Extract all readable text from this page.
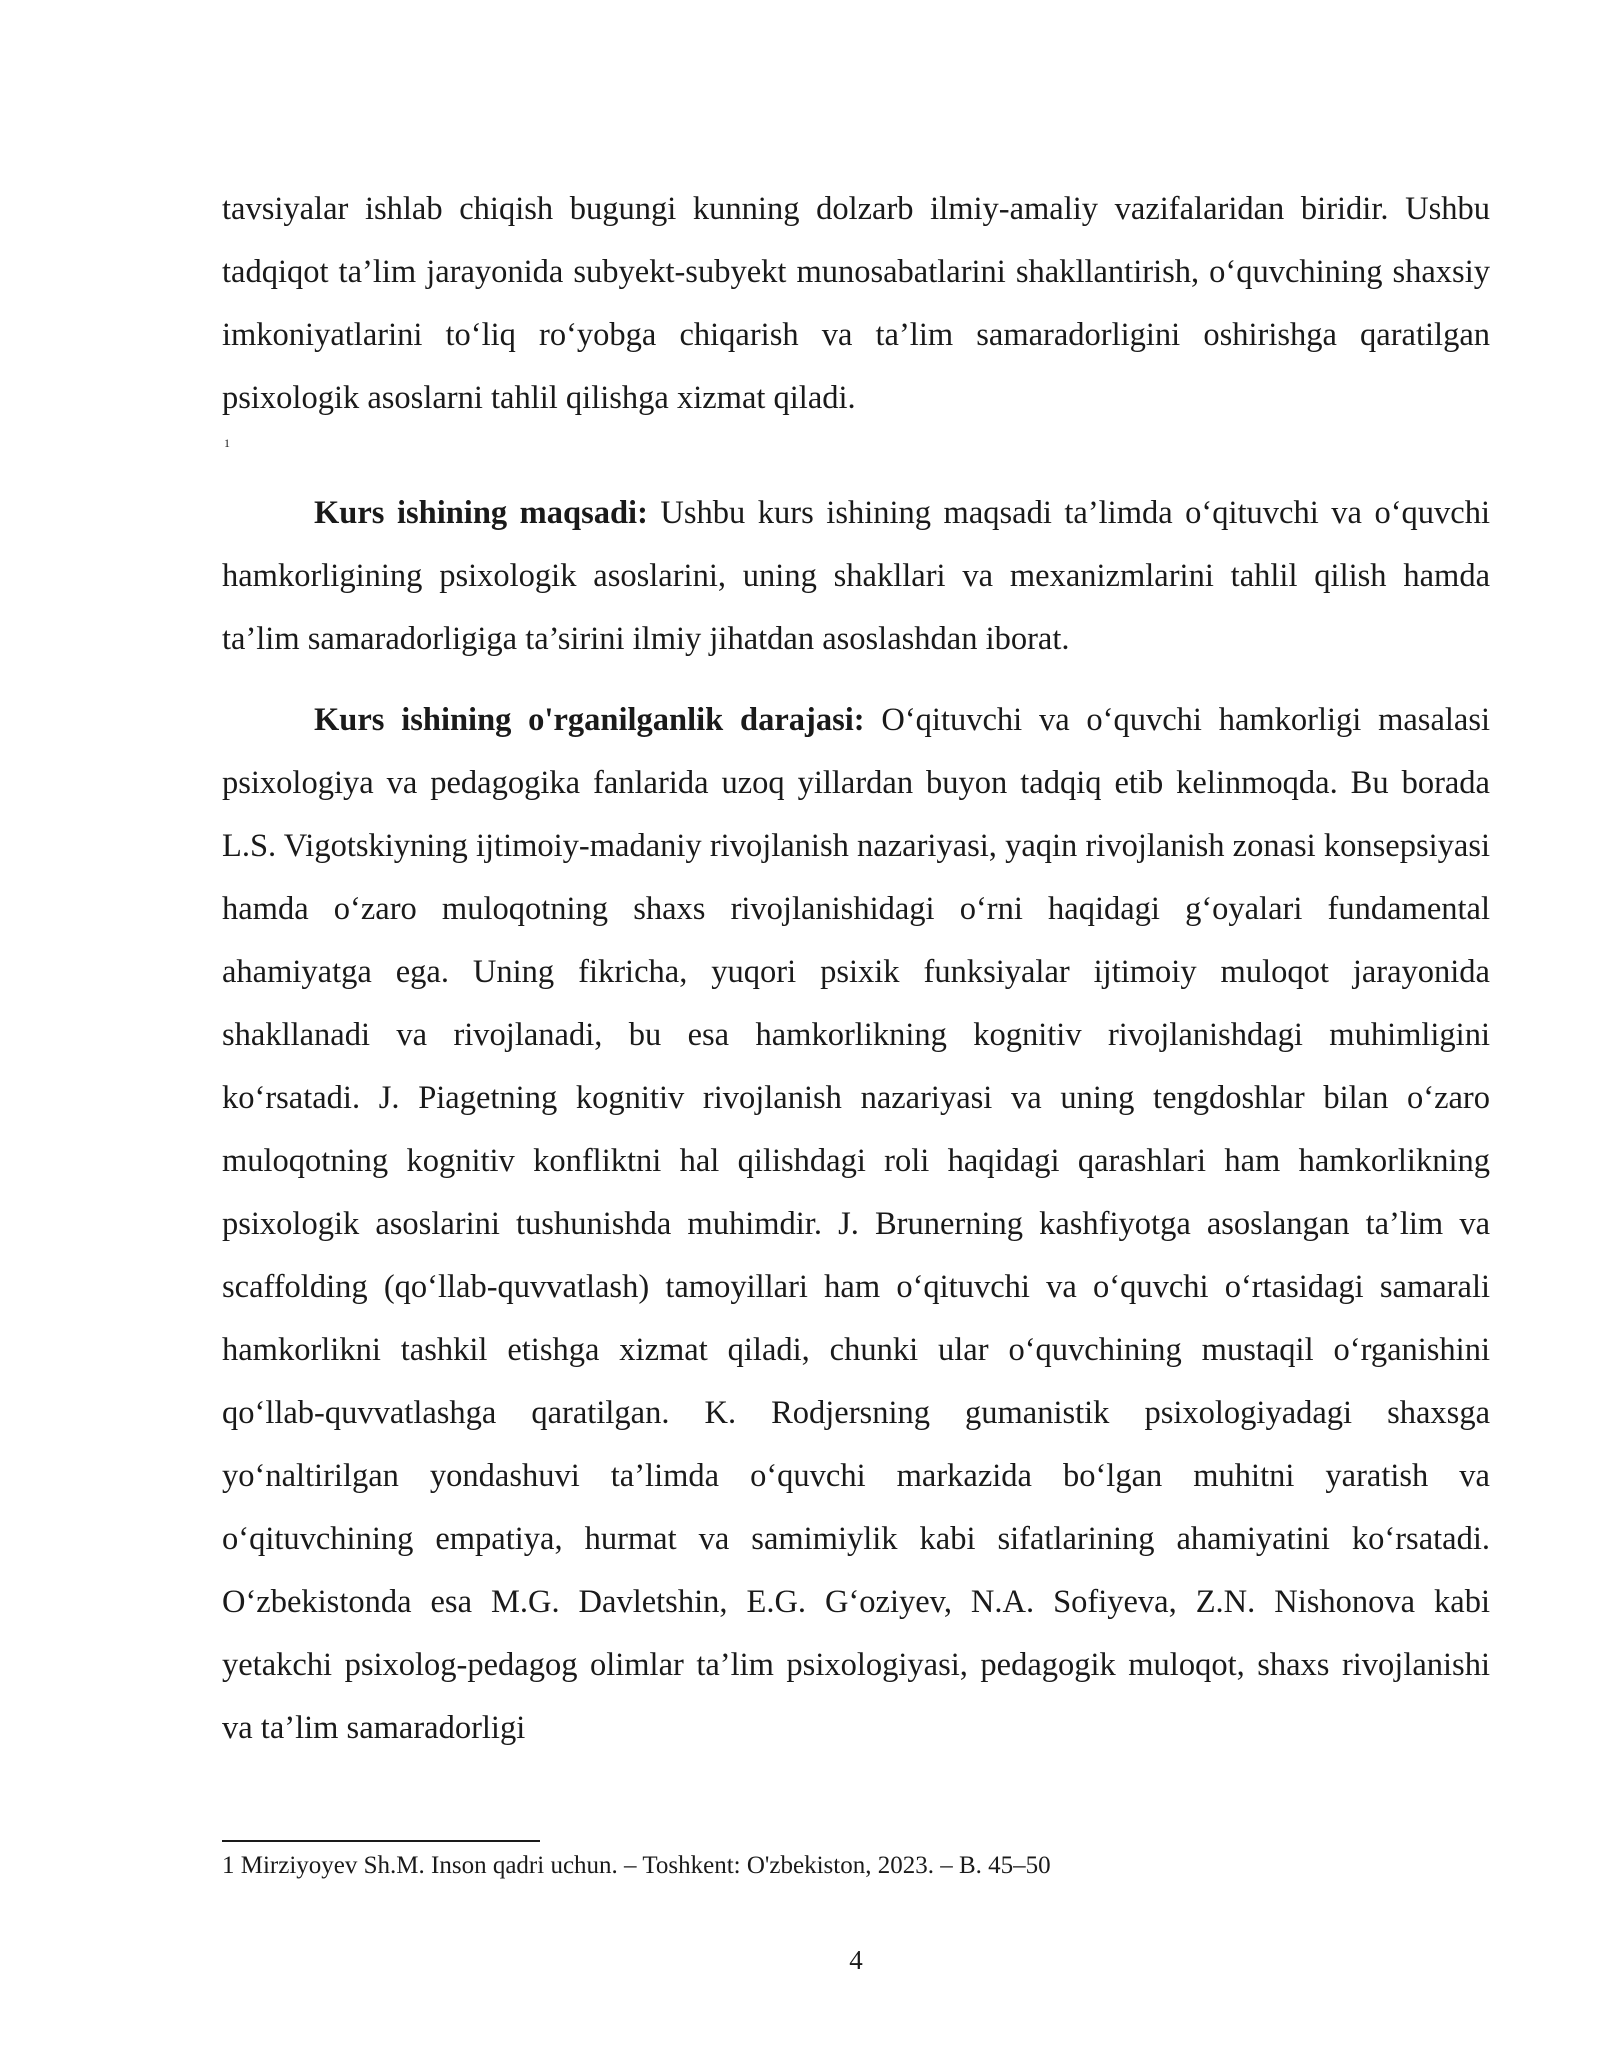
tavsiyalar ishlab chiqish bugungi kunning dolzarb ilmiy-amaliy vazifalaridan biridir. Ushbu tadqiqot ta’lim jarayonida subyekt-subyekt munosabatlarini shakllantirish, o‘quvchining shaxsiy imkoniyatlarini to‘liq ro‘yobga chiqarish va ta’lim samaradorligini oshirishga qaratilgan psixologik asoslarni tahlil qilishga xizmat qiladi.

1

Kurs ishining maqsadi: Ushbu kurs ishining maqsadi ta’limda o‘qituvchi va o‘quvchi hamkorligining psixologik asoslarini, uning shakllari va mexanizmlarini tahlil qilish hamda ta’lim samaradorligiga ta’sirini ilmiy jihatdan asoslashdan iborat.

Kurs ishining o'rganilganlik darajasi: O‘qituvchi va o‘quvchi hamkorligi masalasi psixologiya va pedagogika fanlarida uzoq yillardan buyon tadqiq etib kelinmoqda. Bu borada L.S. Vigotskiyning ijtimoiy-madaniy rivojlanish nazariyasi, yaqin rivojlanish zonasi konsepsiyasi hamda o‘zaro muloqotning shaxs rivojlanishidagi o‘rni haqidagi g‘oyalari fundamental ahamiyatga ega. Uning fikricha, yuqori psixik funksiyalar ijtimoiy muloqot jarayonida shakllanadi va rivojlanadi, bu esa hamkorlikning kognitiv rivojlanishdagi muhimligini ko‘rsatadi. J. Piagetning kognitiv rivojlanish nazariyasi va uning tengdoshlar bilan o‘zaro muloqotning kognitiv konfliktni hal qilishdagi roli haqidagi qarashlari ham hamkorlikning psixologik asoslarini tushunishda muhimdir. J. Brunerning kashfiyotga asoslangan ta’lim va scaffolding (qo‘llab-quvvatlash) tamoyillari ham o‘qituvchi va o‘quvchi o‘rtasidagi samarali hamkorlikni tashkil etishga xizmat qiladi, chunki ular o‘quvchining mustaqil o‘rganishini qo‘llab-quvvatlashga qaratilgan. K. Rodjersning gumanistik psixologiyadagi shaxsga yo‘naltirilgan yondashuvi ta’limda o‘quvchi markazida bo‘lgan muhitni yaratish va o‘qituvchining empatiya, hurmat va samimiylik kabi sifatlarining ahamiyatini ko‘rsatadi. O‘zbekistonda esa M.G. Davletshin, E.G. G‘oziyev, N.A. Sofiyeva, Z.N. Nishonova kabi yetakchi psixolog-pedagog olimlar ta’lim psixologiyasi, pedagogik muloqot, shaxs rivojlanishi va ta’lim samaradorligi

1 Mirziyoyev Sh.M. Inson qadri uchun. – Toshkent: O'zbekiston, 2023. – B. 45–50
4
